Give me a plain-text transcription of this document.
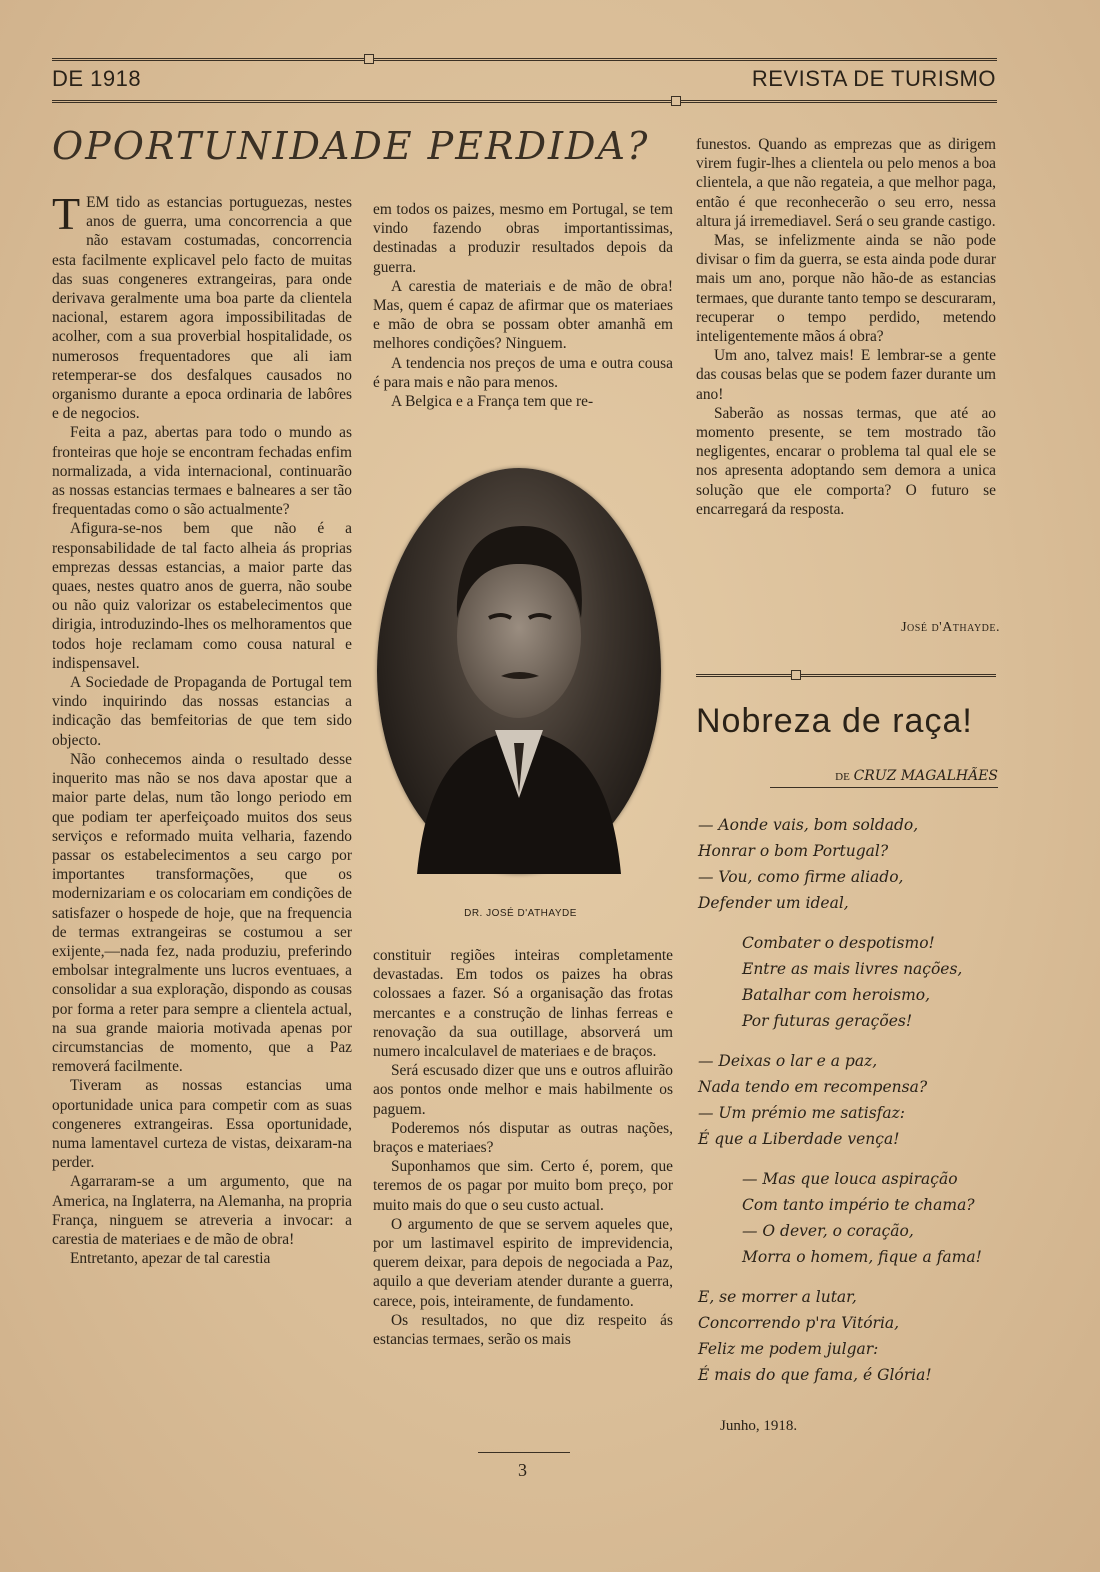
DE 1918	REVISTA DE TURISMO
OPORTUNIDADE PERDIDA?

TEM tido as estancias portuguezas, nestes anos de guerra, uma concorrencia a que não estavam costumadas, concorrencia esta facilmente explicavel pelo facto de muitas das suas congeneres extrangeiras, para onde derivava geralmente uma boa parte da clientela nacional, estarem agora impossibilitadas de acolher, com a sua proverbial hospitalidade, os numerosos frequentadores que ali iam retemperar-se dos desfalques causados no organismo durante a epoca ordinaria de labôres e de negocios.

Feita a paz, abertas para todo o mundo as fronteiras que hoje se encontram fechadas enfim normalizada, a vida internacional, continuarão as nossas estancias termaes e balneares a ser tão frequentadas como o são actualmente?

Afigura-se-nos bem que não é a responsabilidade de tal facto alheia ás proprias emprezas dessas estancias, a maior parte das quaes, nestes quatro anos de guerra, não soube ou não quiz valorizar os estabelecimentos que dirigia, introduzindo-lhes os melhoramentos que todos hoje reclamam como cousa natural e indispensavel.

A Sociedade de Propaganda de Portugal tem vindo inquirindo das nossas estancias a indicação das bemfeitorias de que tem sido objecto.

Não conhecemos ainda o resultado desse inquerito mas não se nos dava apostar que a maior parte delas, num tão longo periodo em que podiam ter aperfeiçoado muitos dos seus serviços e reformado muita velharia, fazendo passar os estabelecimentos a seu cargo por importantes transformações, que os modernizariam e os colocariam em condições de satisfazer o hospede de hoje, que na frequencia de termas extrangeiras se costumou a ser exijente,—nada fez, nada produziu, preferindo embolsar integralmente uns lucros eventuaes, a consolidar a sua exploração, dispondo as cousas por forma a reter para sempre a clientela actual, na sua grande maioria motivada apenas por circumstancias de momento, que a Paz removerá facilmente.

Tiveram as nossas estancias uma oportunidade unica para competir com as suas congeneres extrangeiras. Essa oportunidade, numa lamentavel curteza de vistas, deixaram-na perder.

Agarraram-se a um argumento, que na America, na Inglaterra, na Alemanha, na propria França, ninguem se atreveria a invocar: a carestia de materiaes e de mão de obra!

Entretanto, apezar de tal carestia

em todos os paizes, mesmo em Portugal, se tem vindo fazendo obras importantissimas, destinadas a produzir resultados depois da guerra.

A carestia de materiais e de mão de obra! Mas, quem é capaz de afirmar que os materiaes e mão de obra se possam obter amanhã em melhores condições? Ninguem.

A tendencia nos preços de uma e outra cousa é para mais e não para menos.

A Belgica e a França tem que re-

DR. JOSÉ D'ATHAYDE

constituir regiões inteiras completamente devastadas. Em todos os paizes ha obras colossaes a fazer. Só a organisação das frotas mercantes e a construção de linhas ferreas e renovação da sua outillage, absorverá um numero incalculavel de materiaes e de braços.

Será escusado dizer que uns e outros afluirão aos pontos onde melhor e mais habilmente os paguem.

Poderemos nós disputar as outras nações, braços e materiaes?

Suponhamos que sim. Certo é, porem, que teremos de os pagar por muito bom preço, por muito mais do que o seu custo actual.

O argumento de que se servem aqueles que, por um lastimavel espirito de imprevidencia, querem deixar, para depois de negociada a Paz, aquilo a que deveriam atender durante a guerra, carece, pois, inteiramente, de fundamento.

Os resultados, no que diz respeito ás estancias termaes, serão os mais

funestos. Quando as emprezas que as dirigem virem fugir-lhes a clientela ou pelo menos a boa clientela, a que não regateia, a que melhor paga, então é que reconhecerão o seu erro, nessa altura já irremediavel. Será o seu grande castigo.

Mas, se infelizmente ainda se não pode divisar o fim da guerra, se esta ainda pode durar mais um ano, porque não hão-de as estancias termaes, que durante tanto tempo se descuraram, recuperar o tempo perdido, metendo inteligentemente mãos á obra?

Um ano, talvez mais! E lembrar-se a gente das cousas belas que se podem fazer durante um ano!

Saberão as nossas termas, que até ao momento presente, se tem mostrado tão negligentes, encarar o problema tal qual ele se nos apresenta adoptando sem demora a unica solução que ele comporta? O futuro se encarregará da resposta.

José d'Athayde.
Nobreza de raça!
de CRUZ MAGALHÃES
— Aonde vais, bom soldado,
Honrar o bom Portugal?
— Vou, como firme aliado,
Defender um ideal,
Combater o despotismo!
Entre as mais livres nações,
Batalhar com heroismo,
Por futuras gerações!
— Deixas o lar e a paz,
Nada tendo em recompensa?
— Um prémio me satisfaz:
É que a Liberdade vença!
— Mas que louca aspiração
Com tanto império te chama?
— O dever, o coração,
Morra o homem, fique a fama!
E, se morrer a lutar,
Concorrendo p'ra Vitória,
Feliz me podem julgar:
É mais do que fama, é Glória!
Junho, 1918.
3
